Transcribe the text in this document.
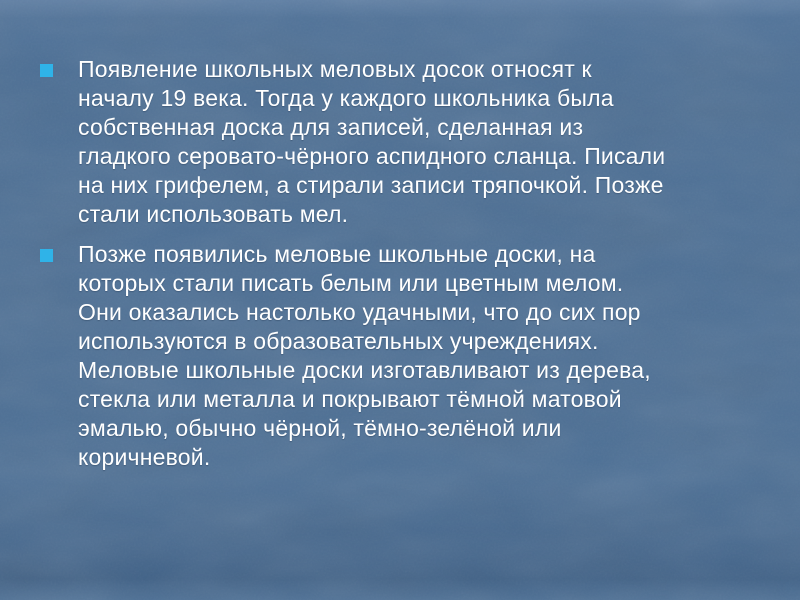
Появление школьных меловых досок относят к
началу 19 века. Тогда у каждого школьника была
собственная доска для записей, сделанная из
гладкого серовато-чёрного аспидного сланца. Писали
на них грифелем, а стирали записи тряпочкой. Позже
стали использовать мел.
Позже появились меловые школьные доски, на
которых стали писать белым или цветным мелом.
Они оказались настолько удачными, что до сих пор
используются в образовательных учреждениях.
Меловые школьные доски изготавливают из дерева,
стекла или металла и покрывают тёмной матовой
эмалью, обычно чёрной, тёмно-зелёной или
коричневой.
